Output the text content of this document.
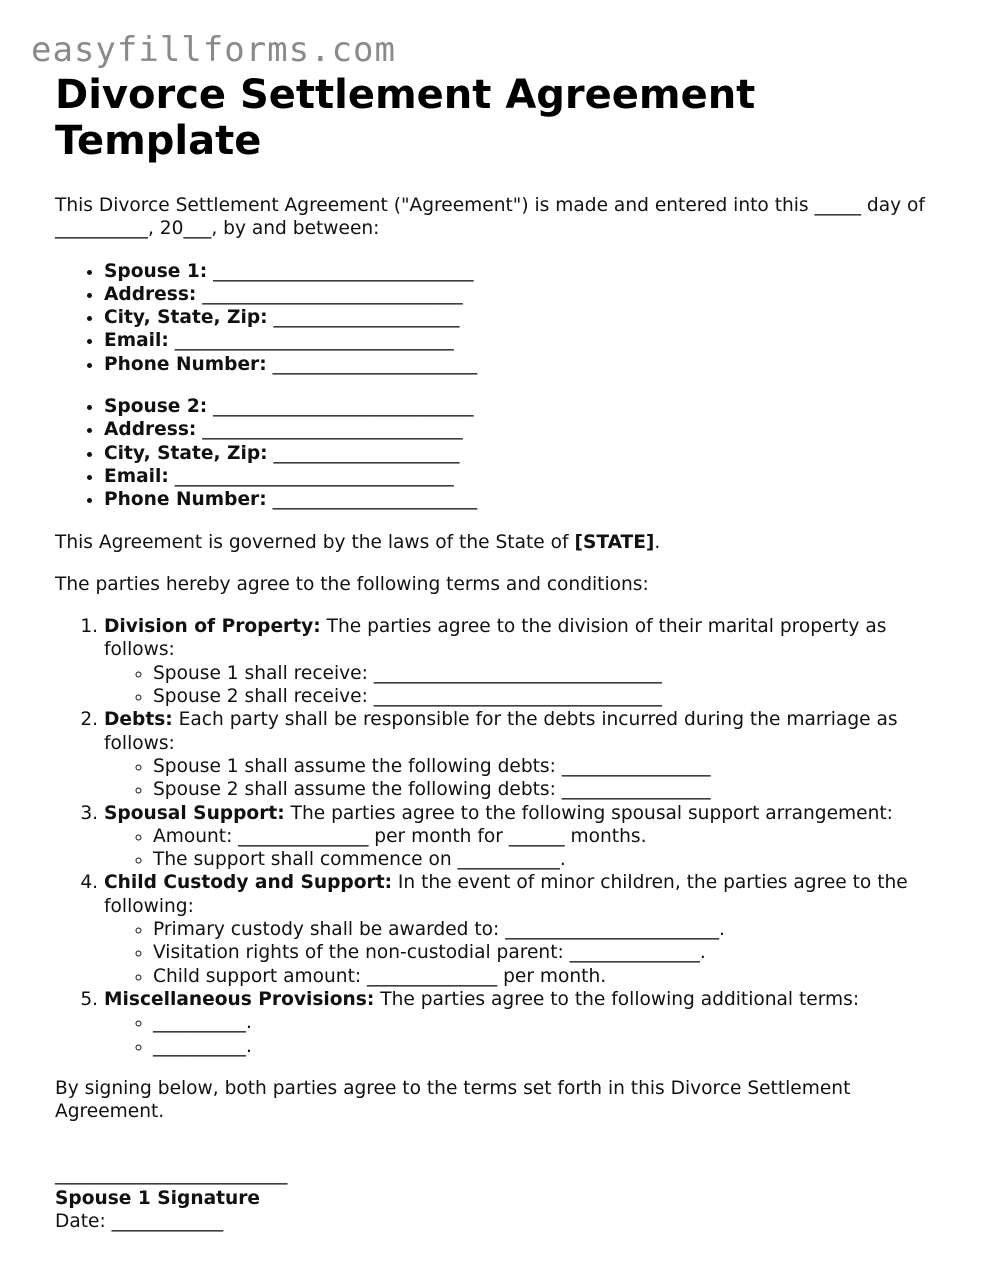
easyfillforms.com
Divorce Settlement Agreement Template

This Divorce Settlement Agreement ("Agreement") is made and entered into this _____ day of __________, 20___, by and between:

• Spouse 1: ____________________________
• Address: ____________________________
• City, State, Zip: ____________________
• Email: ______________________________
• Phone Number: ______________________
• Spouse 2: ____________________________
• Address: ____________________________
• City, State, Zip: ____________________
• Email: ______________________________
• Phone Number: ______________________

This Agreement is governed by the laws of the State of [STATE].

The parties hereby agree to the following terms and conditions:

1. Division of Property: The parties agree to the division of their marital property as follows:
◦ Spouse 1 shall receive: _______________________________
◦ Spouse 2 shall receive: _______________________________
2. Debts: Each party shall be responsible for the debts incurred during the marriage as follows:
◦ Spouse 1 shall assume the following debts: ________________
◦ Spouse 2 shall assume the following debts: ________________
3. Spousal Support: The parties agree to the following spousal support arrangement:
◦ Amount: ______________ per month for ______ months.
◦ The support shall commence on ___________.
4. Child Custody and Support: In the event of minor children, the parties agree to the following:
◦ Primary custody shall be awarded to: _______________________.
◦ Visitation rights of the non-custodial parent: ______________.
◦ Child support amount: ______________ per month.
5. Miscellaneous Provisions: The parties agree to the following additional terms:
◦ __________.
◦ __________.

By signing below, both parties agree to the terms set forth in this Divorce Settlement Agreement.

_________________________
Spouse 1 Signature
Date: ____________
